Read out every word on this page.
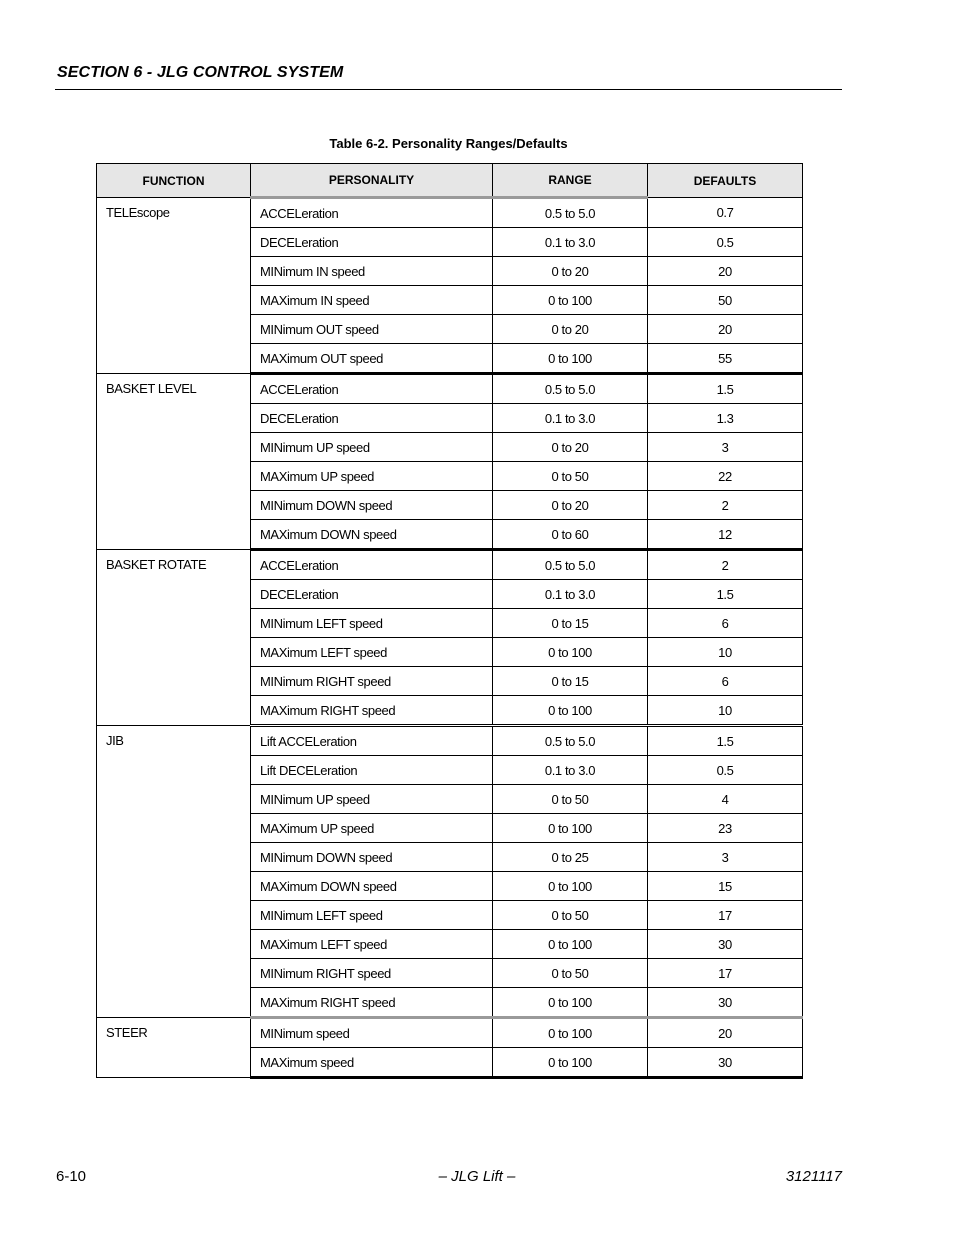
SECTION 6 - JLG CONTROL SYSTEM
Table 6-2. Personality Ranges/Defaults
FUNCTION	PERSONALITY	RANGE	DEFAULTS
TELEscope	ACCELeration	0.5 to 5.0	0.7
	DECELeration	0.1 to 3.0	0.5
	MINimum IN speed	0 to 20	20
	MAXimum IN speed	0 to 100	50
	MINimum OUT speed	0 to 20	20
	MAXimum OUT speed	0 to 100	55
BASKET LEVEL	ACCELeration	0.5 to 5.0	1.5
	DECELeration	0.1 to 3.0	1.3
	MINimum UP speed	0 to 20	3
	MAXimum UP speed	0 to 50	22
	MINimum DOWN speed	0 to 20	2
	MAXimum DOWN speed	0 to 60	12
BASKET ROTATE	ACCELeration	0.5 to 5.0	2
	DECELeration	0.1 to 3.0	1.5
	MINimum LEFT speed	0 to 15	6
	MAXimum LEFT speed	0 to 100	10
	MINimum RIGHT speed	0 to 15	6
	MAXimum RIGHT speed	0 to 100	10
JIB	Lift ACCELeration	0.5 to 5.0	1.5
	Lift DECELeration	0.1 to 3.0	0.5
	MINimum UP speed	0 to 50	4
	MAXimum UP speed	0 to 100	23
	MINimum DOWN speed	0 to 25	3
	MAXimum DOWN speed	0 to 100	15
	MINimum LEFT speed	0 to 50	17
	MAXimum LEFT speed	0 to 100	30
	MINimum RIGHT speed	0 to 50	17
	MAXimum RIGHT speed	0 to 100	30
STEER	MINimum speed	0 to 100	20
	MAXimum speed	0 to 100	30
6-10	– JLG Lift –	3121117
